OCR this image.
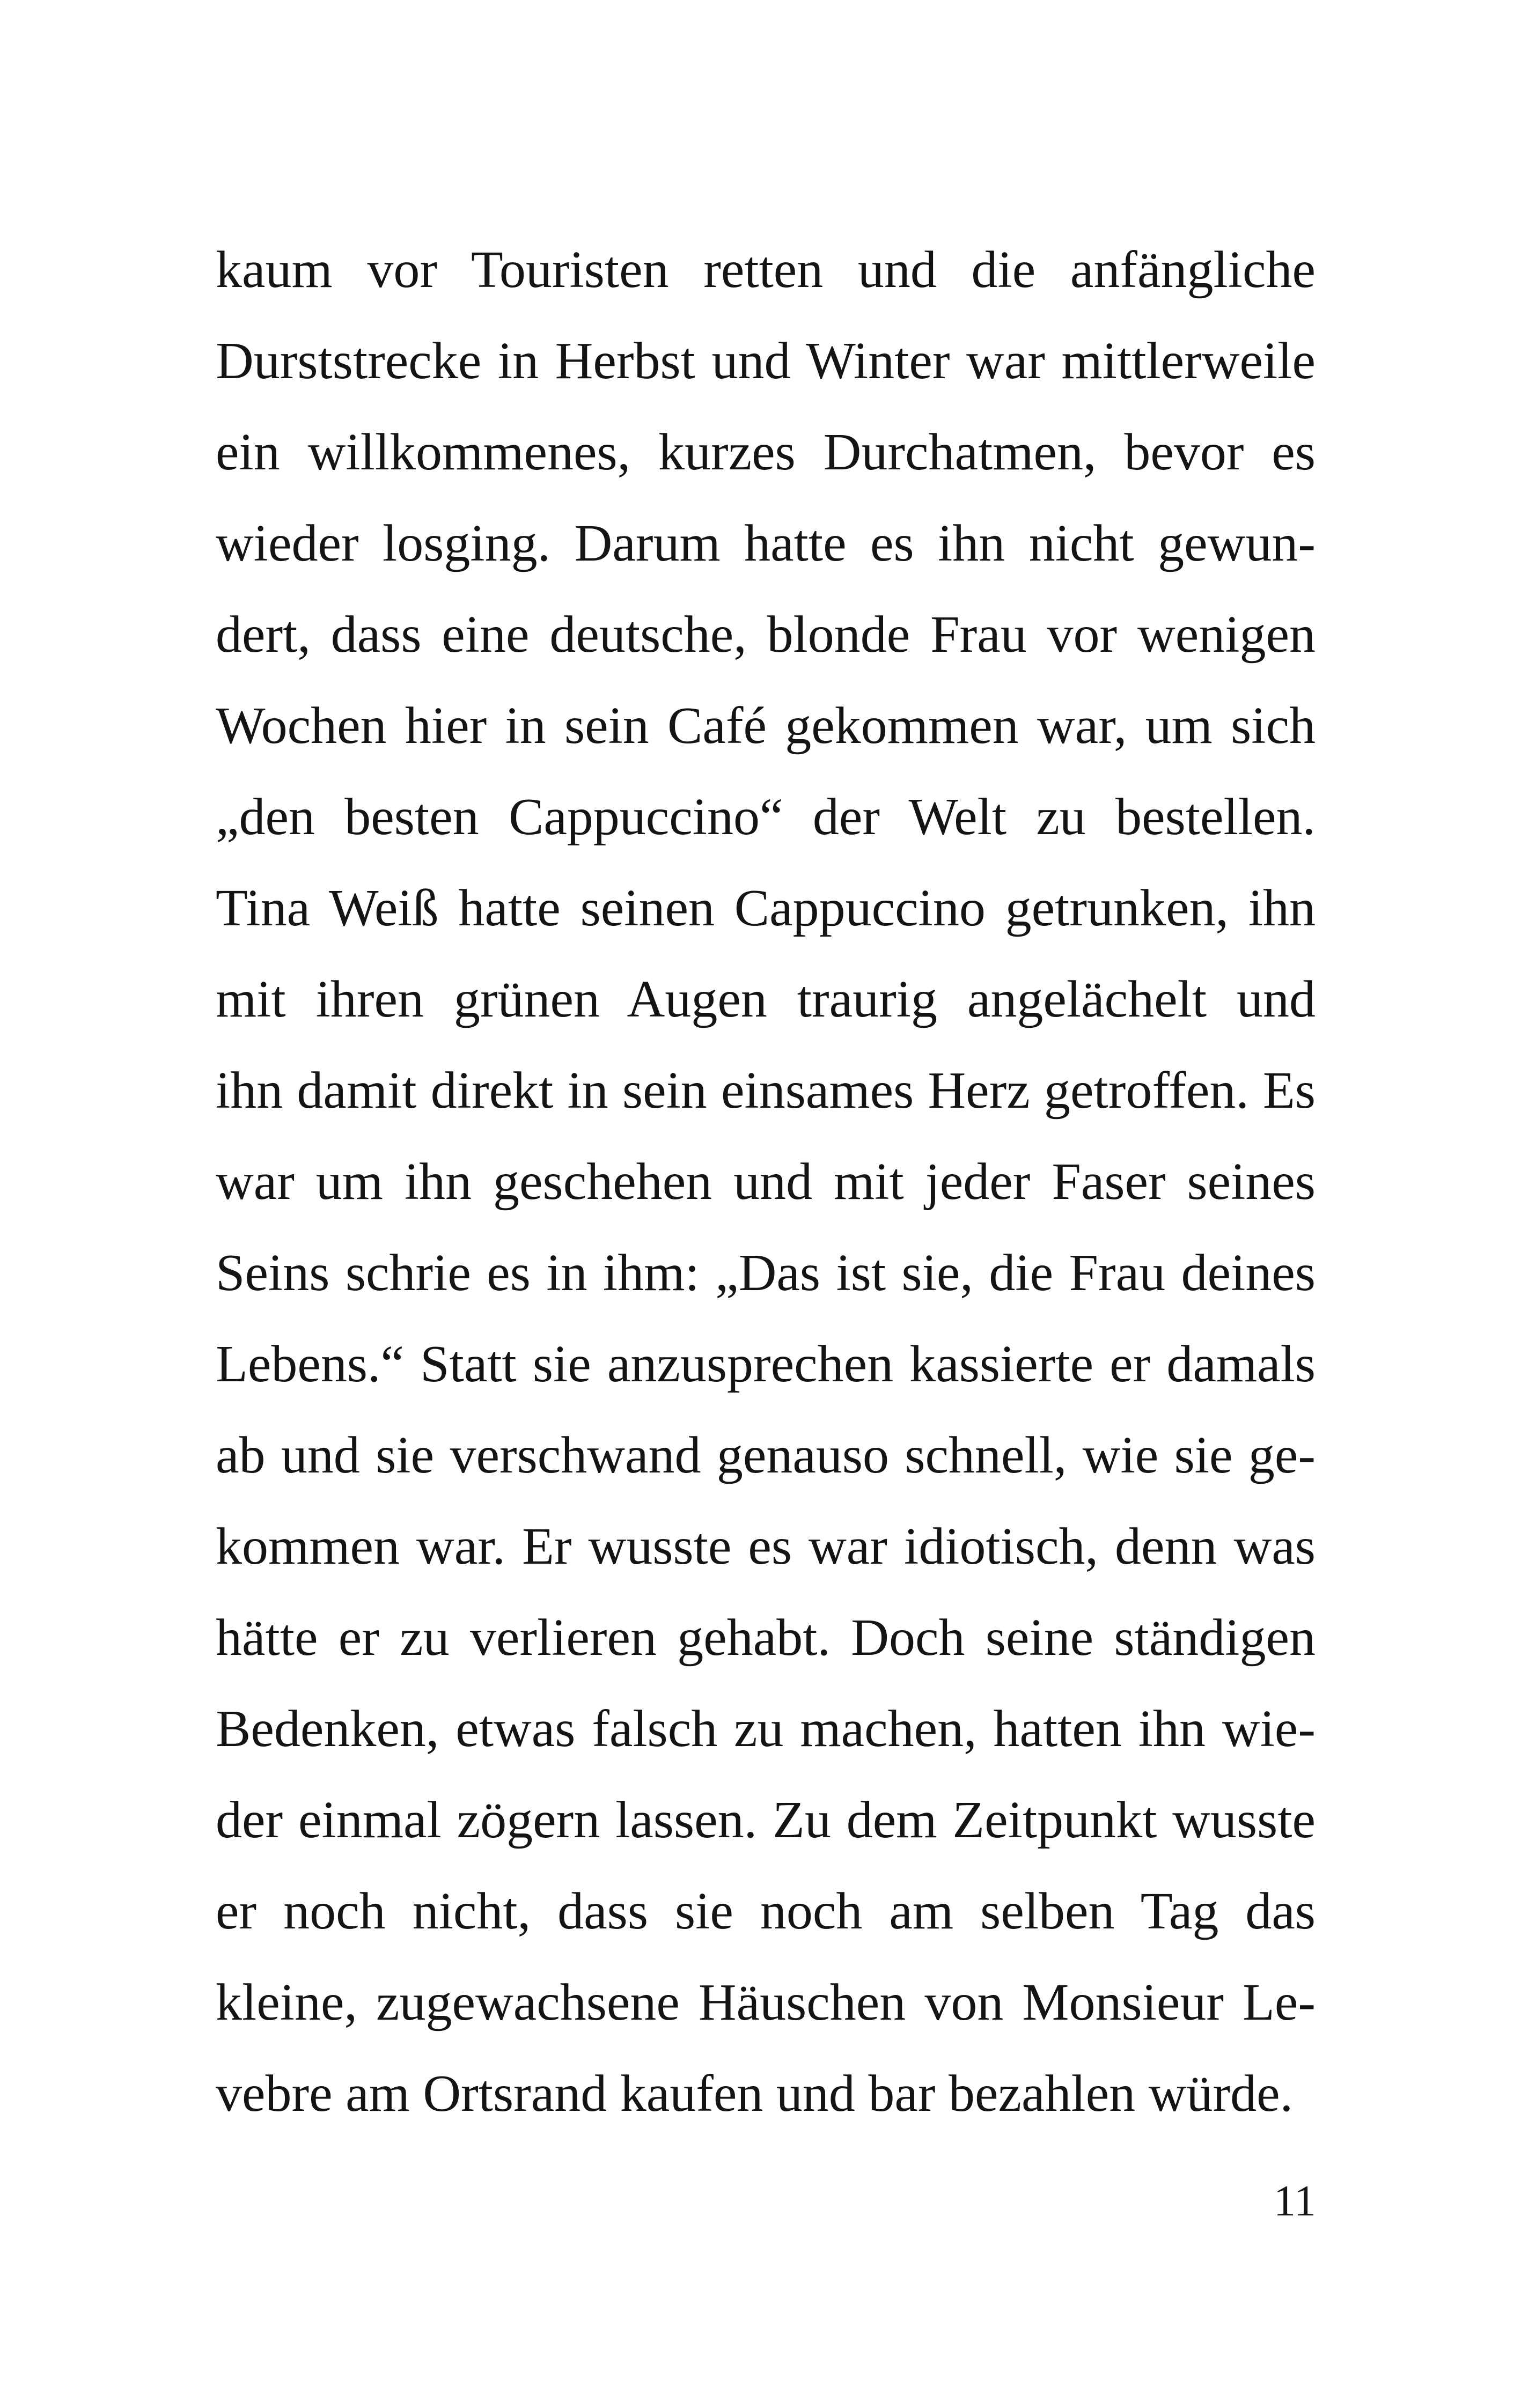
kaum vor Touristen retten und die anfängliche
Durststrecke in Herbst und Winter war mittlerweile
ein willkommenes, kurzes Durchatmen, bevor es
wieder losging. Darum hatte es ihn nicht gewun-
dert, dass eine deutsche, blonde Frau vor wenigen
Wochen hier in sein Café gekommen war, um sich
„den besten Cappuccino“ der Welt zu bestellen.
Tina Weiß hatte seinen Cappuccino getrunken, ihn
mit ihren grünen Augen traurig angelächelt und
ihn damit direkt in sein einsames Herz getroffen. Es
war um ihn geschehen und mit jeder Faser seines
Seins schrie es in ihm: „Das ist sie, die Frau deines
Lebens.“ Statt sie anzusprechen kassierte er damals
ab und sie verschwand genauso schnell, wie sie ge-
kommen war. Er wusste es war idiotisch, denn was
hätte er zu verlieren gehabt. Doch seine ständigen
Bedenken, etwas falsch zu machen, hatten ihn wie-
der einmal zögern lassen. Zu dem Zeitpunkt wusste
er noch nicht, dass sie noch am selben Tag das
kleine, zugewachsene Häuschen von Monsieur Le-
vebre am Ortsrand kaufen und bar bezahlen würde.
11
